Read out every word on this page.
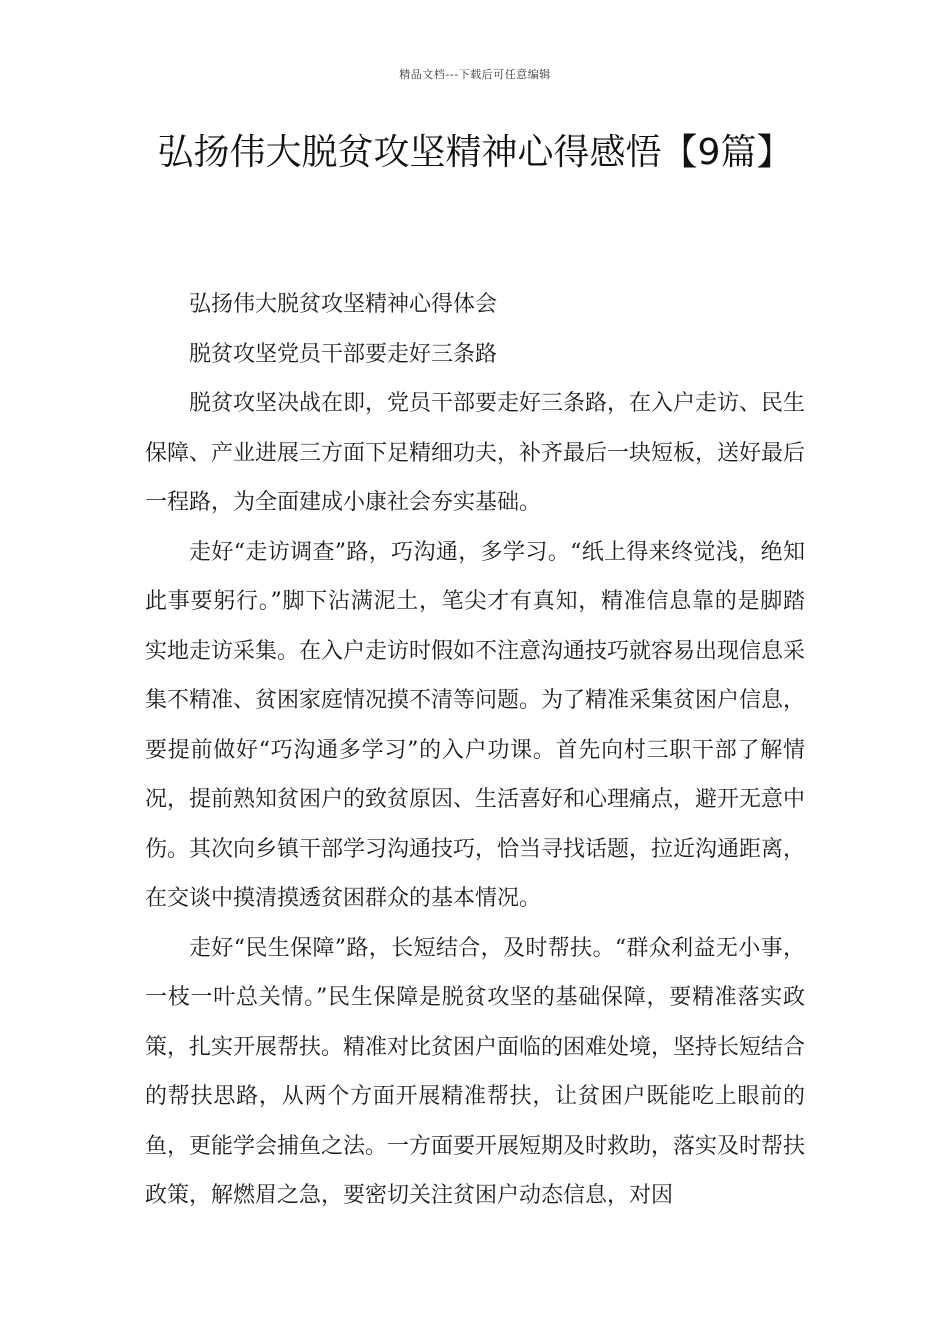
精品文档---下载后可任意编辑
弘扬伟大脱贫攻坚精神心得感悟【9篇】

弘扬伟大脱贫攻坚精神心得体会

脱贫攻坚党员干部要走好三条路

脱贫攻坚决战在即，党员干部要走好三条路，在入户走访、民生保障、产业进展三方面下足精细功夫，补齐最后一块短板，送好最后一程路，为全面建成小康社会夯实基础。

走好“走访调查”路，巧沟通，多学习。“纸上得来终觉浅，绝知此事要躬行。”脚下沾满泥土，笔尖才有真知，精准信息靠的是脚踏实地走访采集。在入户走访时假如不注意沟通技巧就容易出现信息采集不精准、贫困家庭情况摸不清等问题。为了精准采集贫困户信息，要提前做好“巧沟通多学习”的入户功课。首先向村三职干部了解情况，提前熟知贫困户的致贫原因、生活喜好和心理痛点，避开无意中伤。其次向乡镇干部学习沟通技巧，恰当寻找话题，拉近沟通距离，在交谈中摸清摸透贫困群众的基本情况。

走好“民生保障”路，长短结合，及时帮扶。“群众利益无小事，一枝一叶总关情。”民生保障是脱贫攻坚的基础保障，要精准落实政策，扎实开展帮扶。精准对比贫困户面临的困难处境，坚持长短结合的帮扶思路，从两个方面开展精准帮扶，让贫困户既能吃上眼前的鱼，更能学会捕鱼之法。一方面要开展短期及时救助，落实及时帮扶政策，解燃眉之急，要密切关注贫困户动态信息，对因
